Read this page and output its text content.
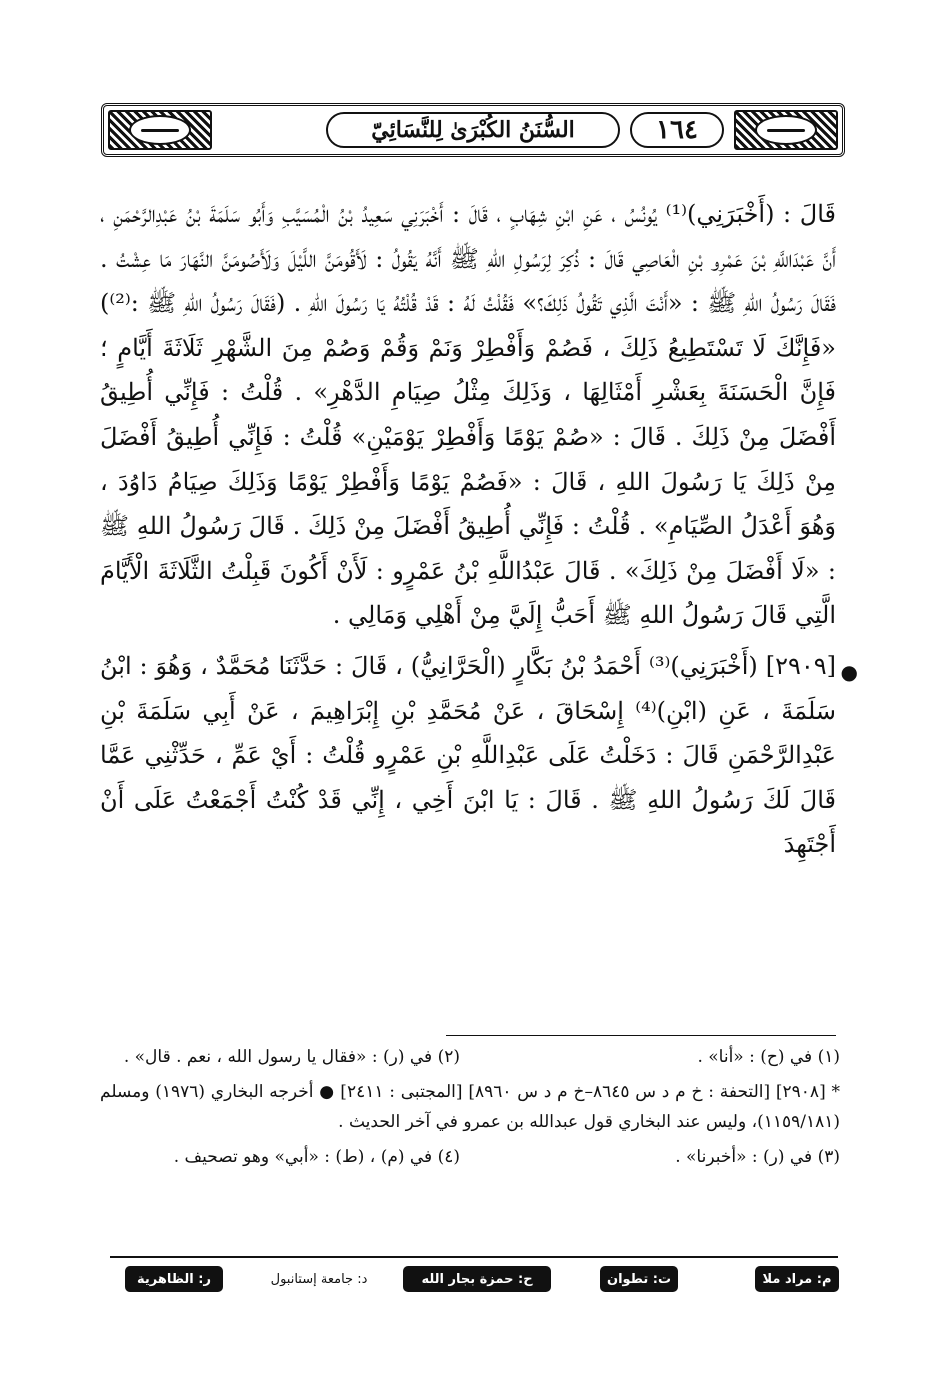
السُّنَنُ الكُبْرَىٰ لِلنَّسَائِيّ	١٦٤

قَالَ : (أَخْبَرَنِي)⁽¹⁾ يُونُسُ ، عَنِ ابْنِ شِهَابٍ ، قَالَ : أَخْبَرَنِي سَعِيدُ بْنُ الْمُسَيَّبِ وَأَبُو سَلَمَةَ بْنُ عَبْدِالرَّحْمَنِ ، أَنَّ عَبْدَاللَّهِ بْنَ عَمْرِو بْنِ الْعَاصِي قَالَ : ذُكِرَ لِرَسُولِ اللهِ ﷺ أَنَّهُ يَقُولُ : لَأَقُومَنَّ اللَّيْلَ وَلَأَصُومَنَّ النَّهَارَ مَا عِشْتُ . فَقَالَ رَسُولُ اللهِ ﷺ : «أَنْتَ الَّذِي تَقُولُ ذَلِكَ؟» فَقُلْتُ لَهُ : قَدْ قُلْتُهُ يَا رَسُولَ اللهِ . (فَقَالَ رَسُولُ اللهِ ﷺ :⁽²⁾) «فَإِنَّكَ لَا تَسْتَطِيعُ ذَلِكَ ، فَصُمْ وَأَفْطِرْ وَنَمْ وَقُمْ وَصُمْ مِنَ الشَّهْرِ ثَلَاثَةَ أَيَّامٍ ؛ فَإِنَّ الْحَسَنَةَ بِعَشْرِ أَمْثَالِهَا ، وَذَلِكَ مِثْلُ صِيَامِ الدَّهْرِ» . قُلْتُ : فَإِنِّي أُطِيقُ أَفْضَلَ مِنْ ذَلِكَ . قَالَ : «صُمْ يَوْمًا وَأَفْطِرْ يَوْمَيْنِ» قُلْتُ : فَإِنِّي أُطِيقُ أَفْضَلَ مِنْ ذَلِكَ يَا رَسُولَ اللهِ ، قَالَ : «فَصُمْ يَوْمًا وَأَفْطِرْ يَوْمًا وَذَلِكَ صِيَامُ دَاوُدَ ، وَهُوَ أَعْدَلُ الصِّيَامِ» . قُلْتُ : فَإِنِّي أُطِيقُ أَفْضَلَ مِنْ ذَلِكَ . قَالَ رَسُولُ اللهِ ﷺ : «لَا أَفْضَلَ مِنْ ذَلِكَ» . قَالَ عَبْدُاللَّهِ بْنُ عَمْرٍو : لَأَنْ أَكُونَ قَبِلْتُ الثَّلَاثَةَ الْأَيَّامَ الَّتِي قَالَ رَسُولُ اللهِ ﷺ أَحَبُّ إِلَيَّ مِنْ أَهْلِي وَمَالِي .

●
[٢٩٠٩] (أَخْبَرَنِي)⁽³⁾ أَحْمَدُ بْنُ بَكَّارٍ (الْحَرَّانِيُّ) ، قَالَ : حَدَّثَنَا مُحَمَّدٌ ، وَهُوَ : ابْنُ سَلَمَةَ ، عَنِ (ابْنِ)⁽⁴⁾ إِسْحَاقَ ، عَنْ مُحَمَّدِ بْنِ إِبْرَاهِيمَ ، عَنْ أَبِي سَلَمَةَ بْنِ عَبْدِالرَّحْمَنِ قَالَ : دَخَلْتُ عَلَى عَبْدِاللَّهِ بْنِ عَمْرٍو قُلْتُ : أَيْ عَمِّ ، حَدِّثْنِي عَمَّا قَالَ لَكَ رَسُولُ اللهِ ﷺ . قَالَ : يَا ابْنَ أَخِي ، إِنِّي قَدْ كُنْتُ أَجْمَعْتُ عَلَى أَنْ أَجْتَهِدَ

(١) في (ح) : «أنا» .
(٢) في (ر) : «فقال يا رسول الله ، نعم . قال» .
* [٢٩٠٨] [التحفة : خ م د س ٨٦٤٥–خ م د س ٨٩٦٠] [المجتبى : ٢٤١١] ● أخرجه البخاري (١٩٧٦) ومسلم (١١٥٩/١٨١)، وليس عند البخاري قول عبدالله بن عمرو في آخر الحديث .
(٣) في (ر) : «أخبرنا» .
(٤) في (م) ، (ط) : «أبي» وهو تصحيف .
م: مراد ملا
ت: تطوان
ح: حمزة بجار الله
د: جامعة إستانبول
ر: الظاهرية
